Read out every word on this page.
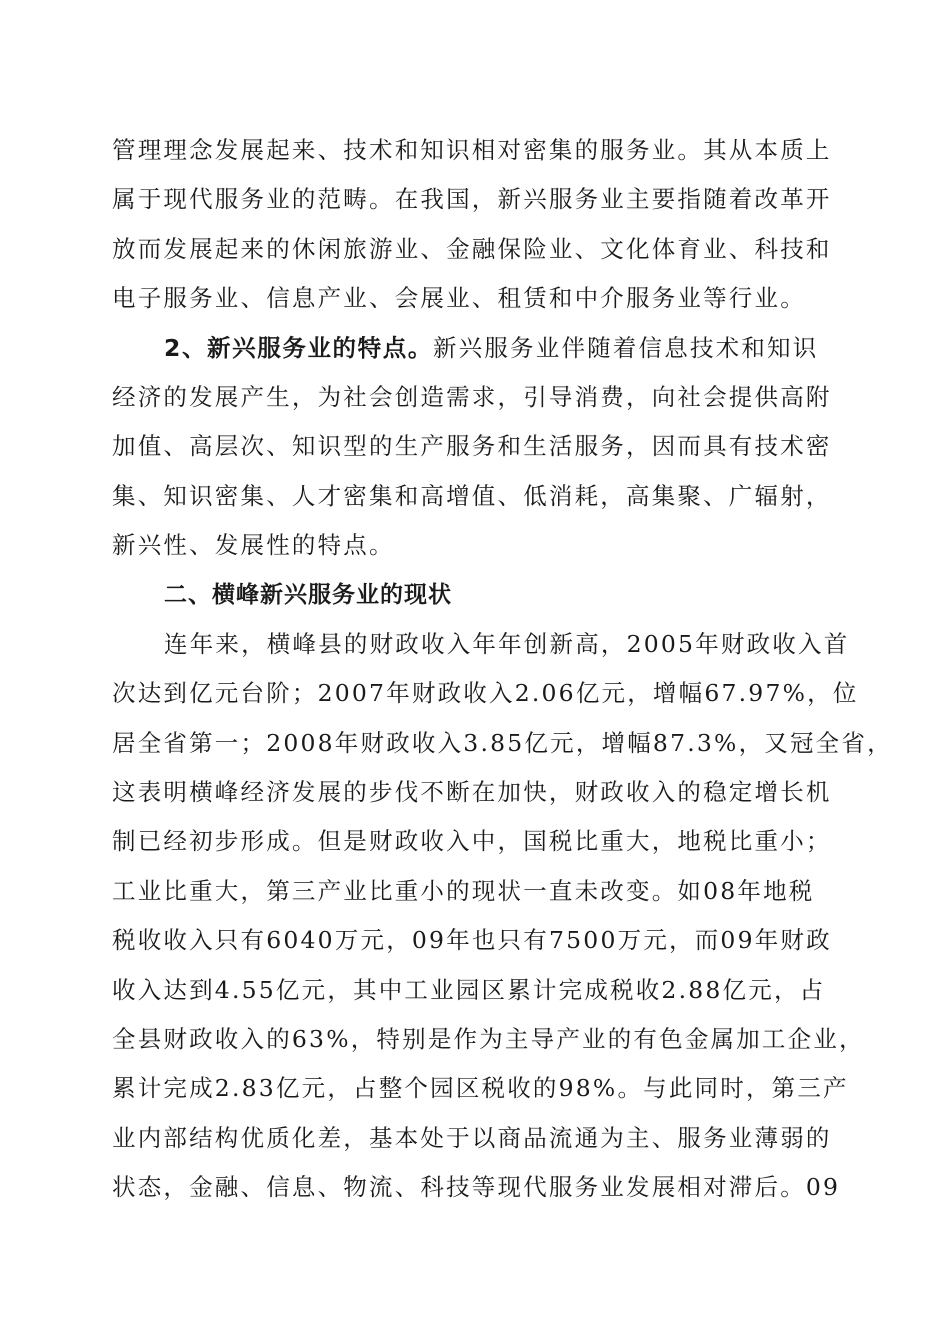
管理理念发展起来、技术和知识相对密集的服务业。其从本质上
属于现代服务业的范畴。在我国，新兴服务业主要指随着改革开
放而发展起来的休闲旅游业、金融保险业、文化体育业、科技和
电子服务业、信息产业、会展业、租赁和中介服务业等行业。
2、新兴服务业的特点。新兴服务业伴随着信息技术和知识
经济的发展产生，为社会创造需求，引导消费，向社会提供高附
加值、高层次、知识型的生产服务和生活服务，因而具有技术密
集、知识密集、人才密集和高增值、低消耗，高集聚、广辐射，
新兴性、发展性的特点。
二、横峰新兴服务业的现状
连年来，横峰县的财政收入年年创新高，2005年财政收入首
次达到亿元台阶；2007年财政收入2.06亿元，增幅67.97%，位
居全省第一；2008年财政收入3.85亿元，增幅87.3%，又冠全省，
这表明横峰经济发展的步伐不断在加快，财政收入的稳定增长机
制已经初步形成。但是财政收入中，国税比重大，地税比重小；
工业比重大，第三产业比重小的现状一直未改变。如08年地税
税收收入只有6040万元，09年也只有7500万元，而09年财政
收入达到4.55亿元，其中工业园区累计完成税收2.88亿元，占
全县财政收入的63%，特别是作为主导产业的有色金属加工企业，
累计完成2.83亿元，占整个园区税收的98%。与此同时，第三产
业内部结构优质化差，基本处于以商品流通为主、服务业薄弱的
状态，金融、信息、物流、科技等现代服务业发展相对滞后。09
